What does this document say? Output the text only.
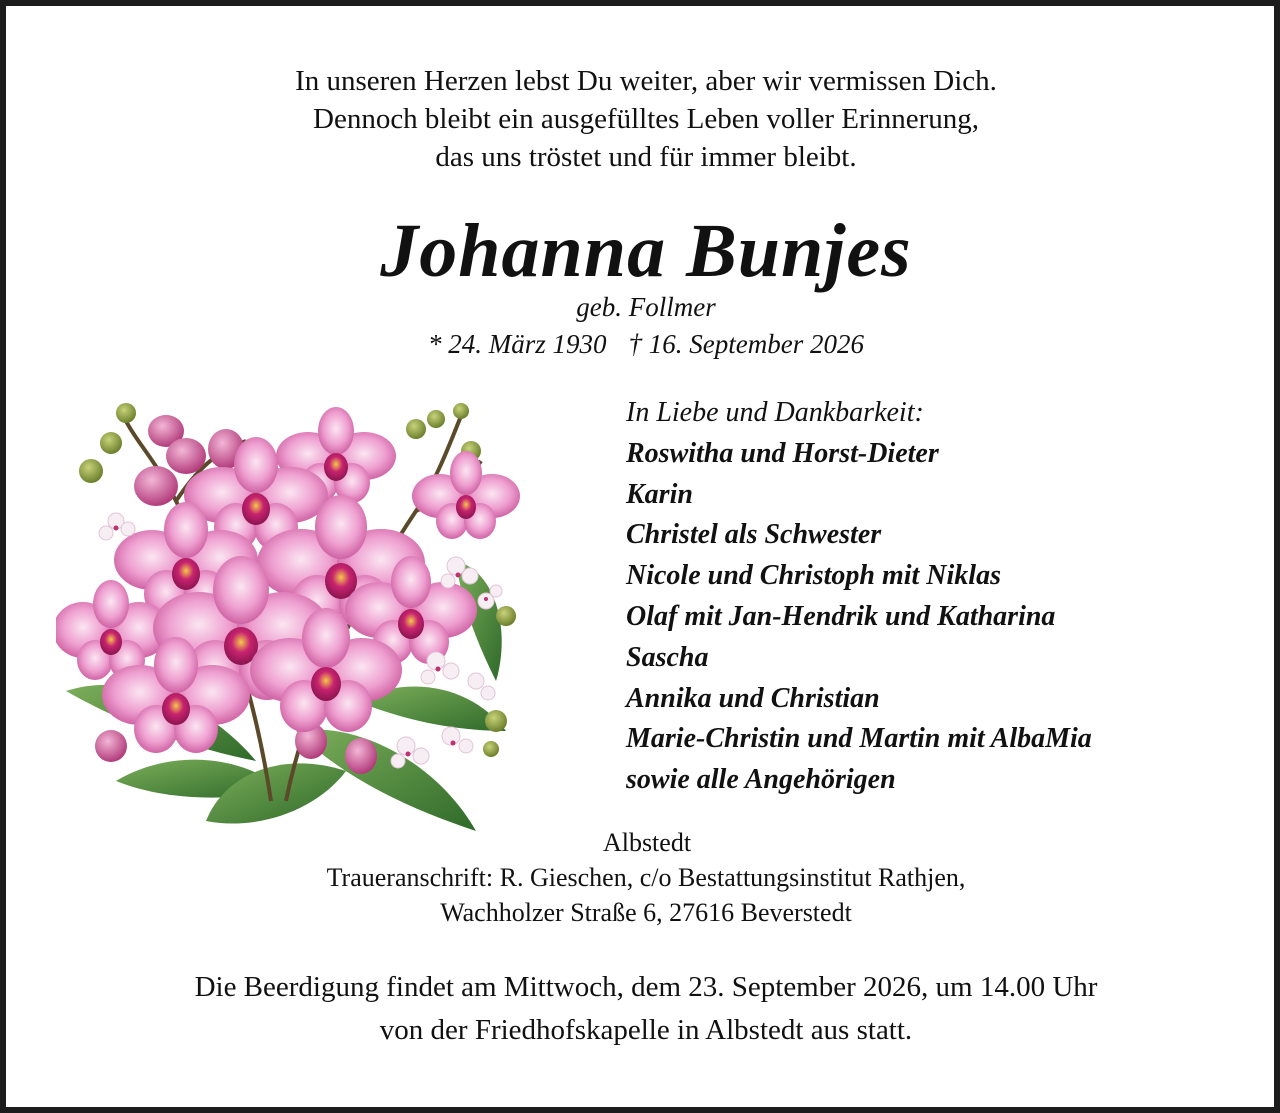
In unseren Herzen lebst Du weiter, aber wir vermissen Dich.
Dennoch bleibt ein ausgefülltes Leben voller Erinnerung,
das uns tröstet und für immer bleibt.
Johanna Bunjes
geb. Follmer
* 24. März 1930 † 16. September 2026
In Liebe und Dankbarkeit:
Roswitha und Horst-Dieter
Karin
Christel als Schwester
Nicole und Christoph mit Niklas
Olaf mit Jan-Hendrik und Katharina
Sascha
Annika und Christian
Marie-Christin und Martin mit AlbaMia
sowie alle Angehörigen
Albstedt
Traueranschrift: R. Gieschen, c/o Bestattungsinstitut Rathjen,
Wachholzer Straße 6, 27616 Beverstedt
Die Beerdigung findet am Mittwoch, dem 23. September 2026, um 14.00 Uhr
von der Friedhofskapelle in Albstedt aus statt.
